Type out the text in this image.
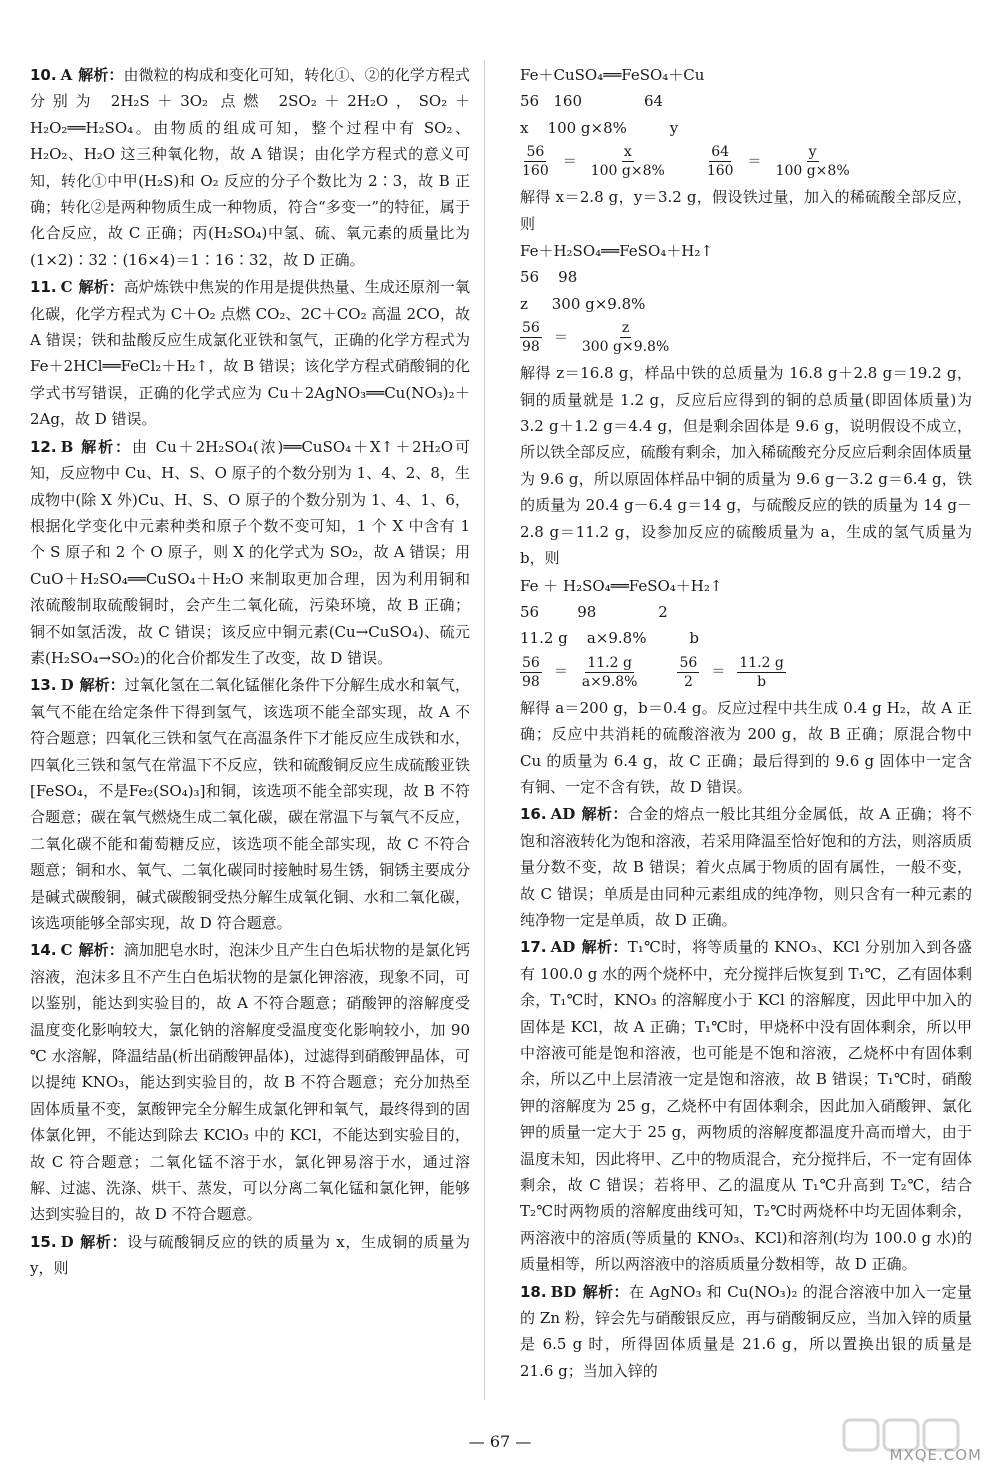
10. A 解析：由微粒的构成和变化可知，转化①、②的化学方程式分别为 2H₂S＋3O₂ 点燃 2SO₂＋2H₂O，SO₂＋H₂O₂══H₂SO₄。由物质的组成可知，整个过程中有 SO₂、H₂O₂、H₂O 这三种氧化物，故 A 错误；由化学方程式的意义可知，转化①中甲(H₂S)和 O₂ 反应的分子个数比为 2∶3，故 B 正确；转化②是两种物质生成一种物质，符合“多变一”的特征，属于化合反应，故 C 正确；丙(H₂SO₄)中氢、硫、氧元素的质量比为(1×2)∶32∶(16×4)＝1∶16∶32，故 D 正确。

11. C 解析：高炉炼铁中焦炭的作用是提供热量、生成还原剂一氧化碳，化学方程式为 C＋O₂ 点燃 CO₂、2C＋CO₂ 高温 2CO，故 A 错误；铁和盐酸反应生成氯化亚铁和氢气，正确的化学方程式为 Fe＋2HCl══FeCl₂＋H₂↑，故 B 错误；该化学方程式硝酸铜的化学式书写错误，正确的化学式应为 Cu＋2AgNO₃══Cu(NO₃)₂＋2Ag，故 D 错误。

12. B 解析：由 Cu＋2H₂SO₄(浓)══CuSO₄＋X↑＋2H₂O可知，反应物中 Cu、H、S、O 原子的个数分别为 1、4、2、8，生成物中(除 X 外)Cu、H、S、O 原子的个数分别为 1、4、1、6，根据化学变化中元素种类和原子个数不变可知，1 个 X 中含有 1 个 S 原子和 2 个 O 原子，则 X 的化学式为 SO₂，故 A 错误；用 CuO＋H₂SO₄══CuSO₄＋H₂O 来制取更加合理，因为利用铜和浓硫酸制取硫酸铜时，会产生二氧化硫，污染环境，故 B 正确；铜不如氢活泼，故 C 错误；该反应中铜元素(Cu→CuSO₄)、硫元素(H₂SO₄→SO₂)的化合价都发生了改变，故 D 错误。

13. D 解析：过氧化氢在二氧化锰催化条件下分解生成水和氧气，氧气不能在给定条件下得到氢气，该选项不能全部实现，故 A 不符合题意；四氧化三铁和氢气在高温条件下才能反应生成铁和水，四氧化三铁和氢气在常温下不反应，铁和硫酸铜反应生成硫酸亚铁[FeSO₄，不是Fe₂(SO₄)₃]和铜，该选项不能全部实现，故 B 不符合题意；碳在氧气燃烧生成二氧化碳，碳在常温下与氧气不反应，二氧化碳不能和葡萄糖反应，该选项不能全部实现，故 C 不符合题意；铜和水、氧气、二氧化碳同时接触时易生锈，铜锈主要成分是碱式碳酸铜，碱式碳酸铜受热分解生成氧化铜、水和二氧化碳，该选项能够全部实现，故 D 符合题意。

14. C 解析：滴加肥皂水时，泡沫少且产生白色垢状物的是氯化钙溶液，泡沫多且不产生白色垢状物的是氯化钾溶液，现象不同，可以鉴别，能达到实验目的，故 A 不符合题意；硝酸钾的溶解度受温度变化影响较大，氯化钠的溶解度受温度变化影响较小，加 90 ℃ 水溶解，降温结晶(析出硝酸钾晶体)，过滤得到硝酸钾晶体，可以提纯 KNO₃，能达到实验目的，故 B 不符合题意；充分加热至固体质量不变，氯酸钾完全分解生成氯化钾和氧气，最终得到的固体氯化钾，不能达到除去 KClO₃ 中的 KCl，不能达到实验目的，故 C 符合题意；二氧化锰不溶于水，氯化钾易溶于水，通过溶解、过滤、洗涤、烘干、蒸发，可以分离二氧化锰和氯化钾，能够达到实验目的，故 D 不符合题意。

15. D 解析：设与硫酸铜反应的铁的质量为 x，生成铜的质量为 y，则

Fe＋CuSO₄══FeSO₄＋Cu

56   160             64

x    100 g×8%         y

$\frac{56}{160} = \frac{x}{100 g\times 8\%}$	$\frac{64}{160} = \frac{y}{100 g\times 8\%}$

解得 x＝2.8 g，y＝3.2 g，假设铁过量，加入的稀硫酸全部反应，则

Fe＋H₂SO₄══FeSO₄＋H₂↑

56    98

z     300 g×9.8%

$\frac{56}{98} = \frac{z}{300 g\times 9.8\%}$

解得 z＝16.8 g，样品中铁的总质量为 16.8 g＋2.8 g＝19.2 g，铜的质量就是 1.2 g，反应后应得到的铜的总质量(即固体质量)为 3.2 g＋1.2 g＝4.4 g，但是剩余固体是 9.6 g，说明假设不成立，所以铁全部反应，硫酸有剩余，加入稀硫酸充分反应后剩余固体质量为 9.6 g，所以原固体样品中铜的质量为 9.6 g－3.2 g＝6.4 g，铁的质量为 20.4 g－6.4 g＝14 g，与硫酸反应的铁的质量为 14 g－2.8 g＝11.2 g，设参加反应的硫酸质量为 a，生成的氢气质量为 b，则

Fe ＋ H₂SO₄══FeSO₄＋H₂↑

56        98             2

11.2 g    a×9.8%         b

$\frac{56}{98} = \frac{11.2 g}{a\times 9.8\%}$	$\frac{56}{2} = \frac{11.2 g}{b}$

解得 a＝200 g，b＝0.4 g。反应过程中共生成 0.4 g H₂，故 A 正确；反应中共消耗的硫酸溶液为 200 g，故 B 正确；原混合物中 Cu 的质量为 6.4 g，故 C 正确；最后得到的 9.6 g 固体中一定含有铜、一定不含有铁，故 D 错误。

16. AD 解析：合金的熔点一般比其组分金属低，故 A 正确；将不饱和溶液转化为饱和溶液，若采用降温至恰好饱和的方法，则溶质质量分数不变，故 B 错误；着火点属于物质的固有属性，一般不变，故 C 错误；单质是由同种元素组成的纯净物，则只含有一种元素的纯净物一定是单质，故 D 正确。

17. AD 解析：T₁℃时，将等质量的 KNO₃、KCl 分别加入到各盛有 100.0 g 水的两个烧杯中，充分搅拌后恢复到 T₁℃，乙有固体剩余，T₁℃时，KNO₃ 的溶解度小于 KCl 的溶解度，因此甲中加入的固体是 KCl，故 A 正确；T₁℃时，甲烧杯中没有固体剩余，所以甲中溶液可能是饱和溶液，也可能是不饱和溶液，乙烧杯中有固体剩余，所以乙中上层清液一定是饱和溶液，故 B 错误；T₁℃时，硝酸钾的溶解度为 25 g，乙烧杯中有固体剩余，因此加入硝酸钾、氯化钾的质量一定大于 25 g，两物质的溶解度都温度升高而增大，由于温度未知，因此将甲、乙中的物质混合，充分搅拌后，不一定有固体剩余，故 C 错误；若将甲、乙的温度从 T₁℃升高到 T₂℃，结合 T₂℃时两物质的溶解度曲线可知，T₂℃时两烧杯中均无固体剩余，两溶液中的溶质(等质量的 KNO₃、KCl)和溶剂(均为 100.0 g 水)的质量相等，所以两溶液中的溶质质量分数相等，故 D 正确。

18. BD 解析：在 AgNO₃ 和 Cu(NO₃)₂ 的混合溶液中加入一定量的 Zn 粉，锌会先与硝酸银反应，再与硝酸铜反应，当加入锌的质量是 6.5 g 时，所得固体质量是 21.6 g，所以置换出银的质量是 21.6 g；当加入锌的

— 67 —
MXQE.COM
